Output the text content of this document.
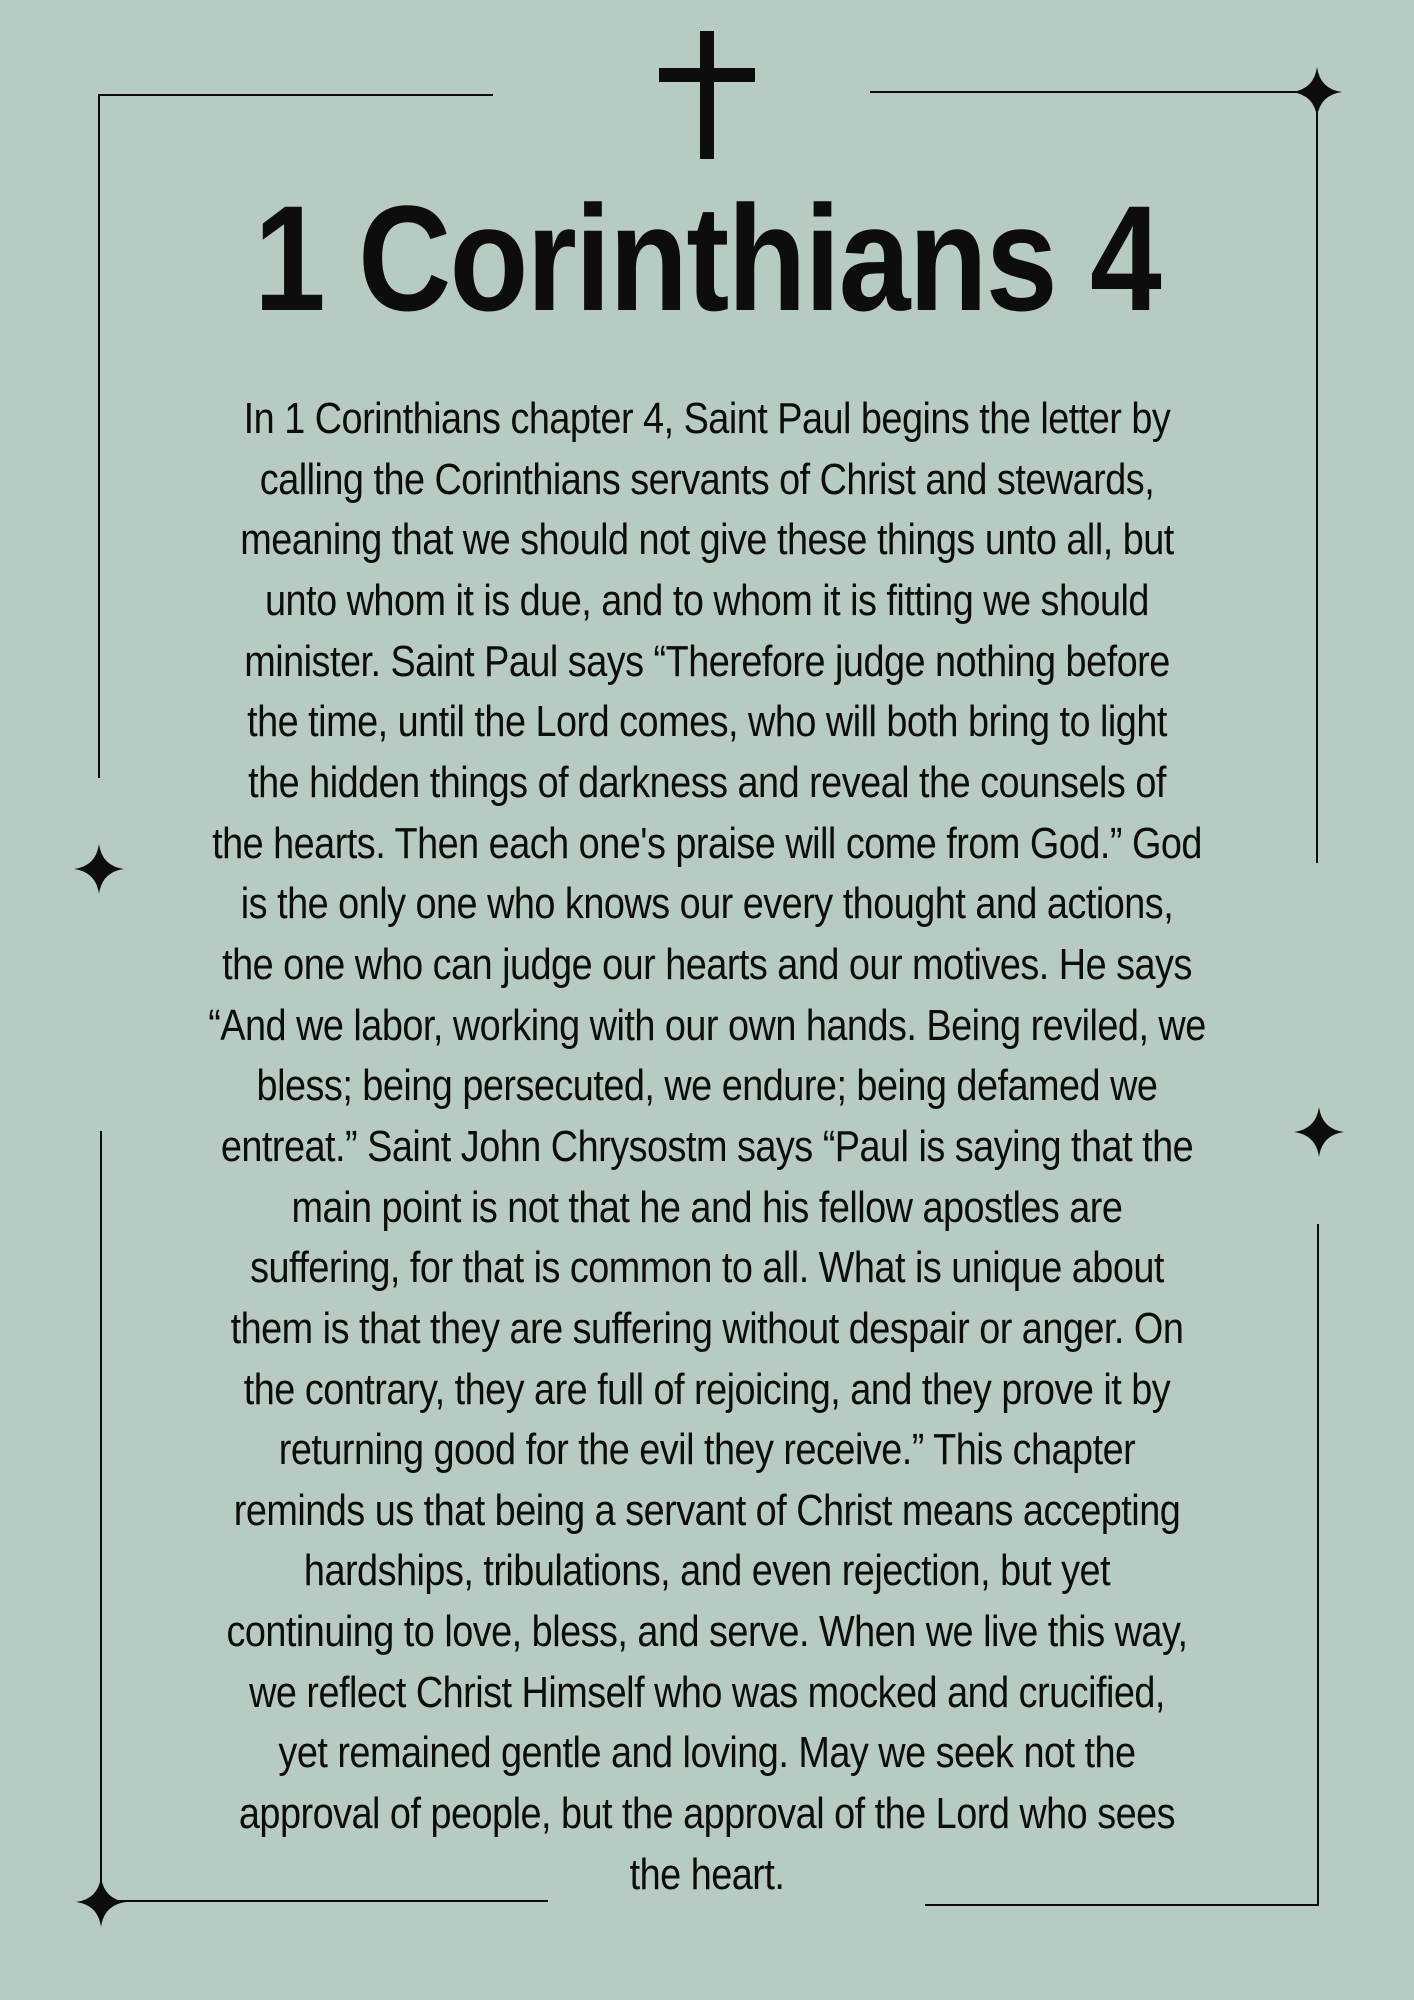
1 Corinthians 4
In 1 Corinthians chapter 4, Saint Paul begins the letter by
calling the Corinthians servants of Christ and stewards,
meaning that we should not give these things unto all, but
unto whom it is due, and to whom it is fitting we should
minister. Saint Paul says “Therefore judge nothing before
the time, until the Lord comes, who will both bring to light
the hidden things of darkness and reveal the counsels of
the hearts. Then each one's praise will come from God.” God
is the only one who knows our every thought and actions,
the one who can judge our hearts and our motives. He says
“And we labor, working with our own hands. Being reviled, we
bless; being persecuted, we endure; being defamed we
entreat.” Saint John Chrysostm says “Paul is saying that the
main point is not that he and his fellow apostles are
suffering, for that is common to all. What is unique about
them is that they are suffering without despair or anger. On
the contrary, they are full of rejoicing, and they prove it by
returning good for the evil they receive.” This chapter
reminds us that being a servant of Christ means accepting
hardships, tribulations, and even rejection, but yet
continuing to love, bless, and serve. When we live this way,
we reflect Christ Himself who was mocked and crucified,
yet remained gentle and loving. May we seek not the
approval of people, but the approval of the Lord who sees
the heart.
